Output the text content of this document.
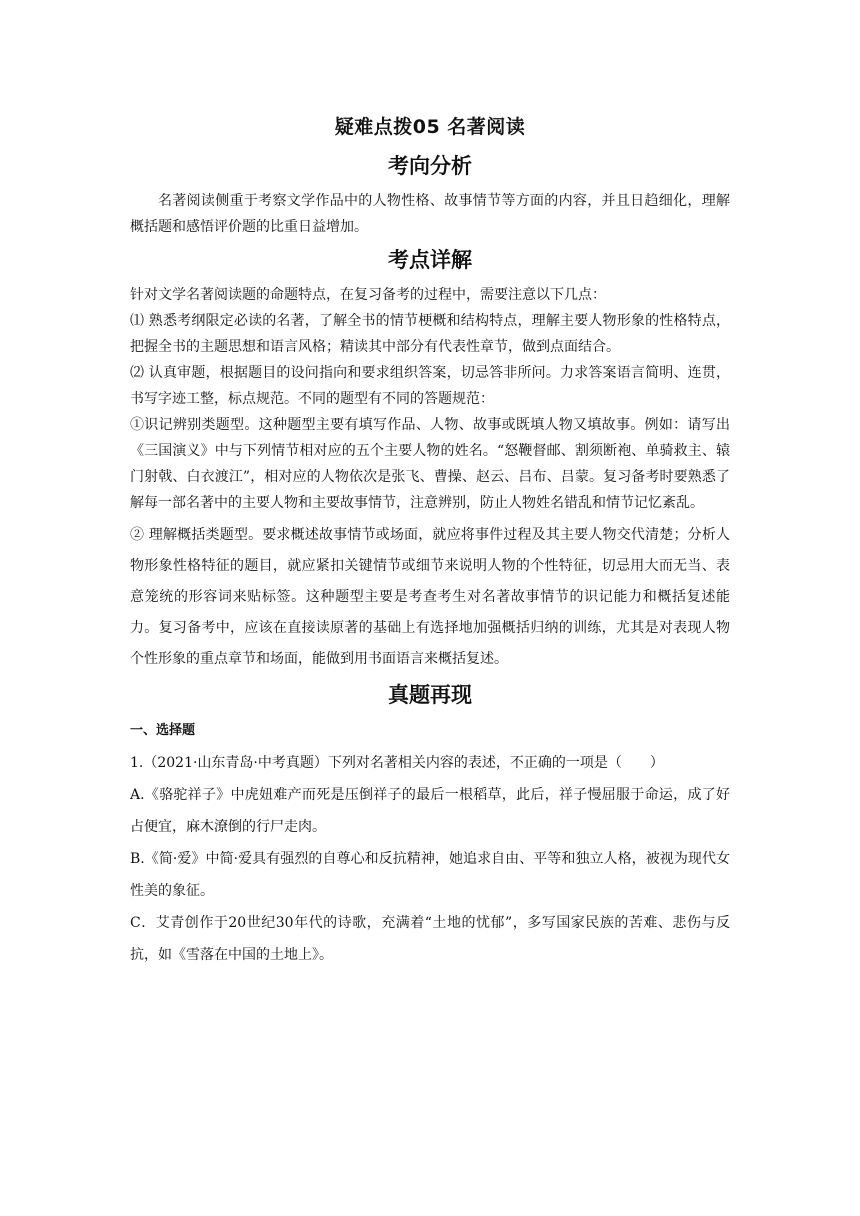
疑难点拨05 名著阅读
考向分析

名著阅读侧重于考察文学作品中的人物性格、故事情节等方面的内容，并且日趋细化，理解概括题和感悟评价题的比重日益增加。

考点详解

针对文学名著阅读题的命题特点，在复习备考的过程中，需要注意以下几点：

⑴ 熟悉考纲限定必读的名著，了解全书的情节梗概和结构特点，理解主要人物形象的性格特点，把握全书的主题思想和语言风格；精读其中部分有代表性章节，做到点面结合。

⑵ 认真审题，根据题目的设问指向和要求组织答案，切忌答非所问。力求答案语言简明、连贯，书写字迹工整，标点规范。不同的题型有不同的答题规范：

①识记辨别类题型。这种题型主要有填写作品、人物、故事或既填人物又填故事。例如：请写出《三国演义》中与下列情节相对应的五个主要人物的姓名。“怒鞭督邮、割须断袍、单骑救主、辕门射戟、白衣渡江”，相对应的人物依次是张飞、曹操、赵云、吕布、吕蒙。复习备考时要熟悉了解每一部名著中的主要人物和主要故事情节，注意辨别，防止人物姓名错乱和情节记忆紊乱。

② 理解概括类题型。要求概述故事情节或场面，就应将事件过程及其主要人物交代清楚；分析人物形象性格特征的题目，就应紧扣关键情节或细节来说明人物的个性特征，切忌用大而无当、表意笼统的形容词来贴标签。这种题型主要是考查考生对名著故事情节的识记能力和概括复述能力。复习备考中，应该在直接读原著的基础上有选择地加强概括归纳的训练，尤其是对表现人物个性形象的重点章节和场面，能做到用书面语言来概括复述。

真题再现
一、选择题

1.（2021·山东青岛·中考真题）下列对名著相关内容的表述，不正确的一项是（　　）

A.《骆驼祥子》中虎妞难产而死是压倒祥子的最后一根稻草，此后，祥子慢屈服于命运，成了好占便宜，麻木潦倒的行尸走肉。

B.《简·爱》中简·爱具有强烈的自尊心和反抗精神，她追求自由、平等和独立人格，被视为现代女性美的象征。

C．艾青创作于20世纪30年代的诗歌，充满着“土地的忧郁”，多写国家民族的苦难、悲伤与反抗，如《雪落在中国的土地上》。
